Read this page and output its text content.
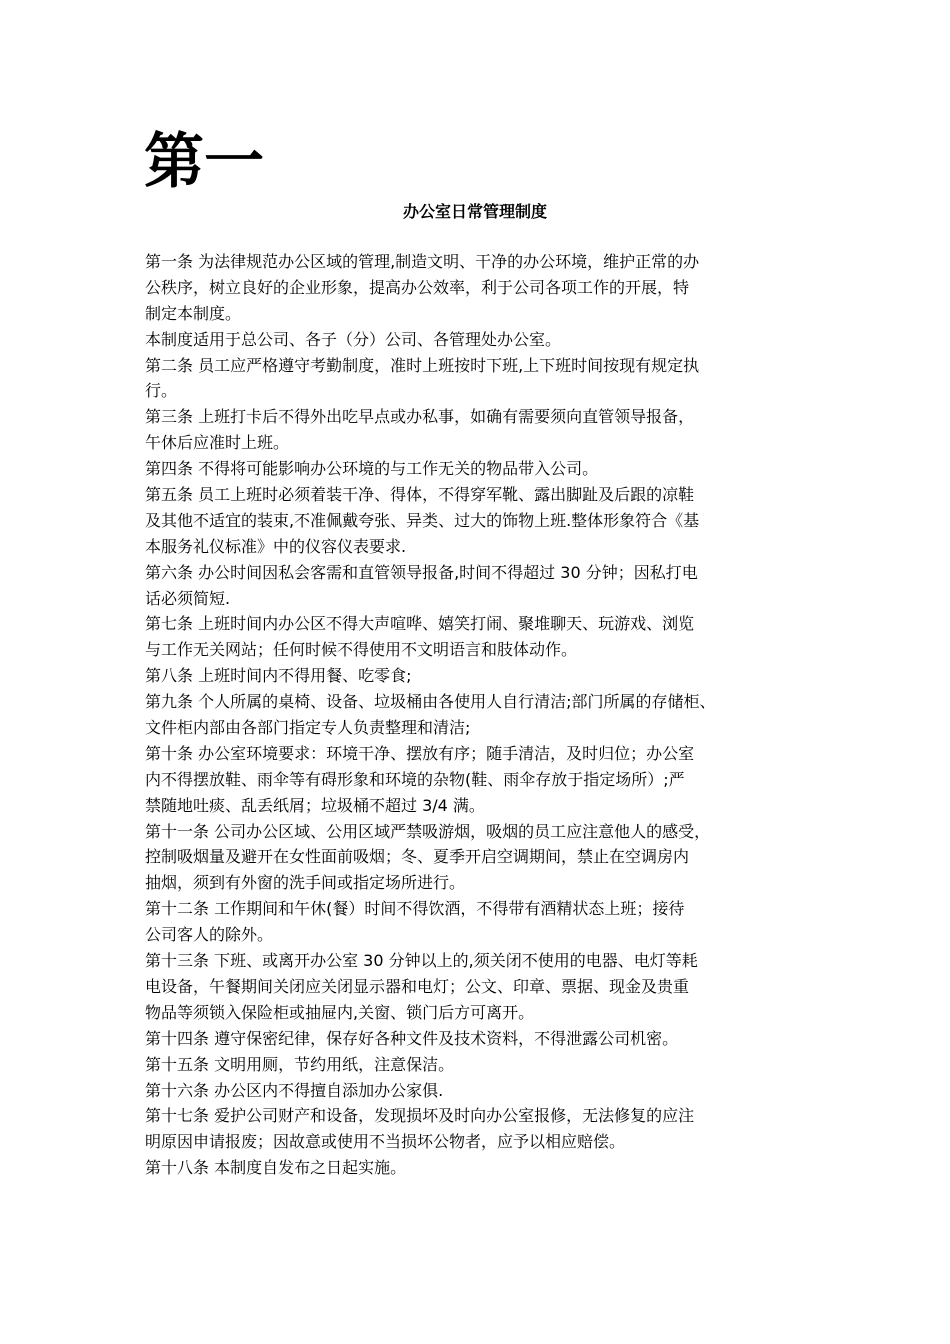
第一
办公室日常管理制度
第一条 为法律规范办公区域的管理,制造文明、干净的办公环境，维护正常的办
公秩序，树立良好的企业形象，提高办公效率，利于公司各项工作的开展，特
制定本制度。
本制度适用于总公司、各子（分）公司、各管理处办公室。
第二条 员工应严格遵守考勤制度，准时上班按时下班,上下班时间按现有规定执
行。
第三条 上班打卡后不得外出吃早点或办私事，如确有需要须向直管领导报备，
午休后应准时上班。
第四条 不得将可能影响办公环境的与工作无关的物品带入公司。
第五条 员工上班时必须着装干净、得体，不得穿军靴、露出脚趾及后跟的凉鞋
及其他不适宜的装束,不准佩戴夸张、异类、过大的饰物上班.整体形象符合《基
本服务礼仪标准》中的仪容仪表要求.
第六条 办公时间因私会客需和直管领导报备,时间不得超过 30 分钟；因私打电
话必须简短.
第七条 上班时间内办公区不得大声喧哗、嬉笑打闹、聚堆聊天、玩游戏、浏览
与工作无关网站；任何时候不得使用不文明语言和肢体动作。
第八条 上班时间内不得用餐、吃零食;
第九条 个人所属的桌椅、设备、垃圾桶由各使用人自行清洁;部门所属的存储柜、
文件柜内部由各部门指定专人负责整理和清洁;
第十条 办公室环境要求：环境干净、摆放有序；随手清洁，及时归位；办公室
内不得摆放鞋、雨伞等有碍形象和环境的杂物(鞋、雨伞存放于指定场所）;严
禁随地吐痰、乱丢纸屑；垃圾桶不超过 3/4 满。
第十一条 公司办公区域、公用区域严禁吸游烟，吸烟的员工应注意他人的感受，
控制吸烟量及避开在女性面前吸烟；冬、夏季开启空调期间，禁止在空调房内
抽烟，须到有外窗的洗手间或指定场所进行。
第十二条 工作期间和午休(餐）时间不得饮酒，不得带有酒精状态上班；接待
公司客人的除外。
第十三条 下班、或离开办公室 30 分钟以上的,须关闭不使用的电器、电灯等耗
电设备，午餐期间关闭应关闭显示器和电灯；公文、印章、票据、现金及贵重
物品等须锁入保险柜或抽屉内,关窗、锁门后方可离开。
第十四条 遵守保密纪律，保存好各种文件及技术资料，不得泄露公司机密。
第十五条 文明用厕，节约用纸，注意保洁。
第十六条 办公区内不得擅自添加办公家俱.
第十七条 爱护公司财产和设备，发现损坏及时向办公室报修，无法修复的应注
明原因申请报废；因故意或使用不当损坏公物者，应予以相应赔偿。
第十八条 本制度自发布之日起实施。
